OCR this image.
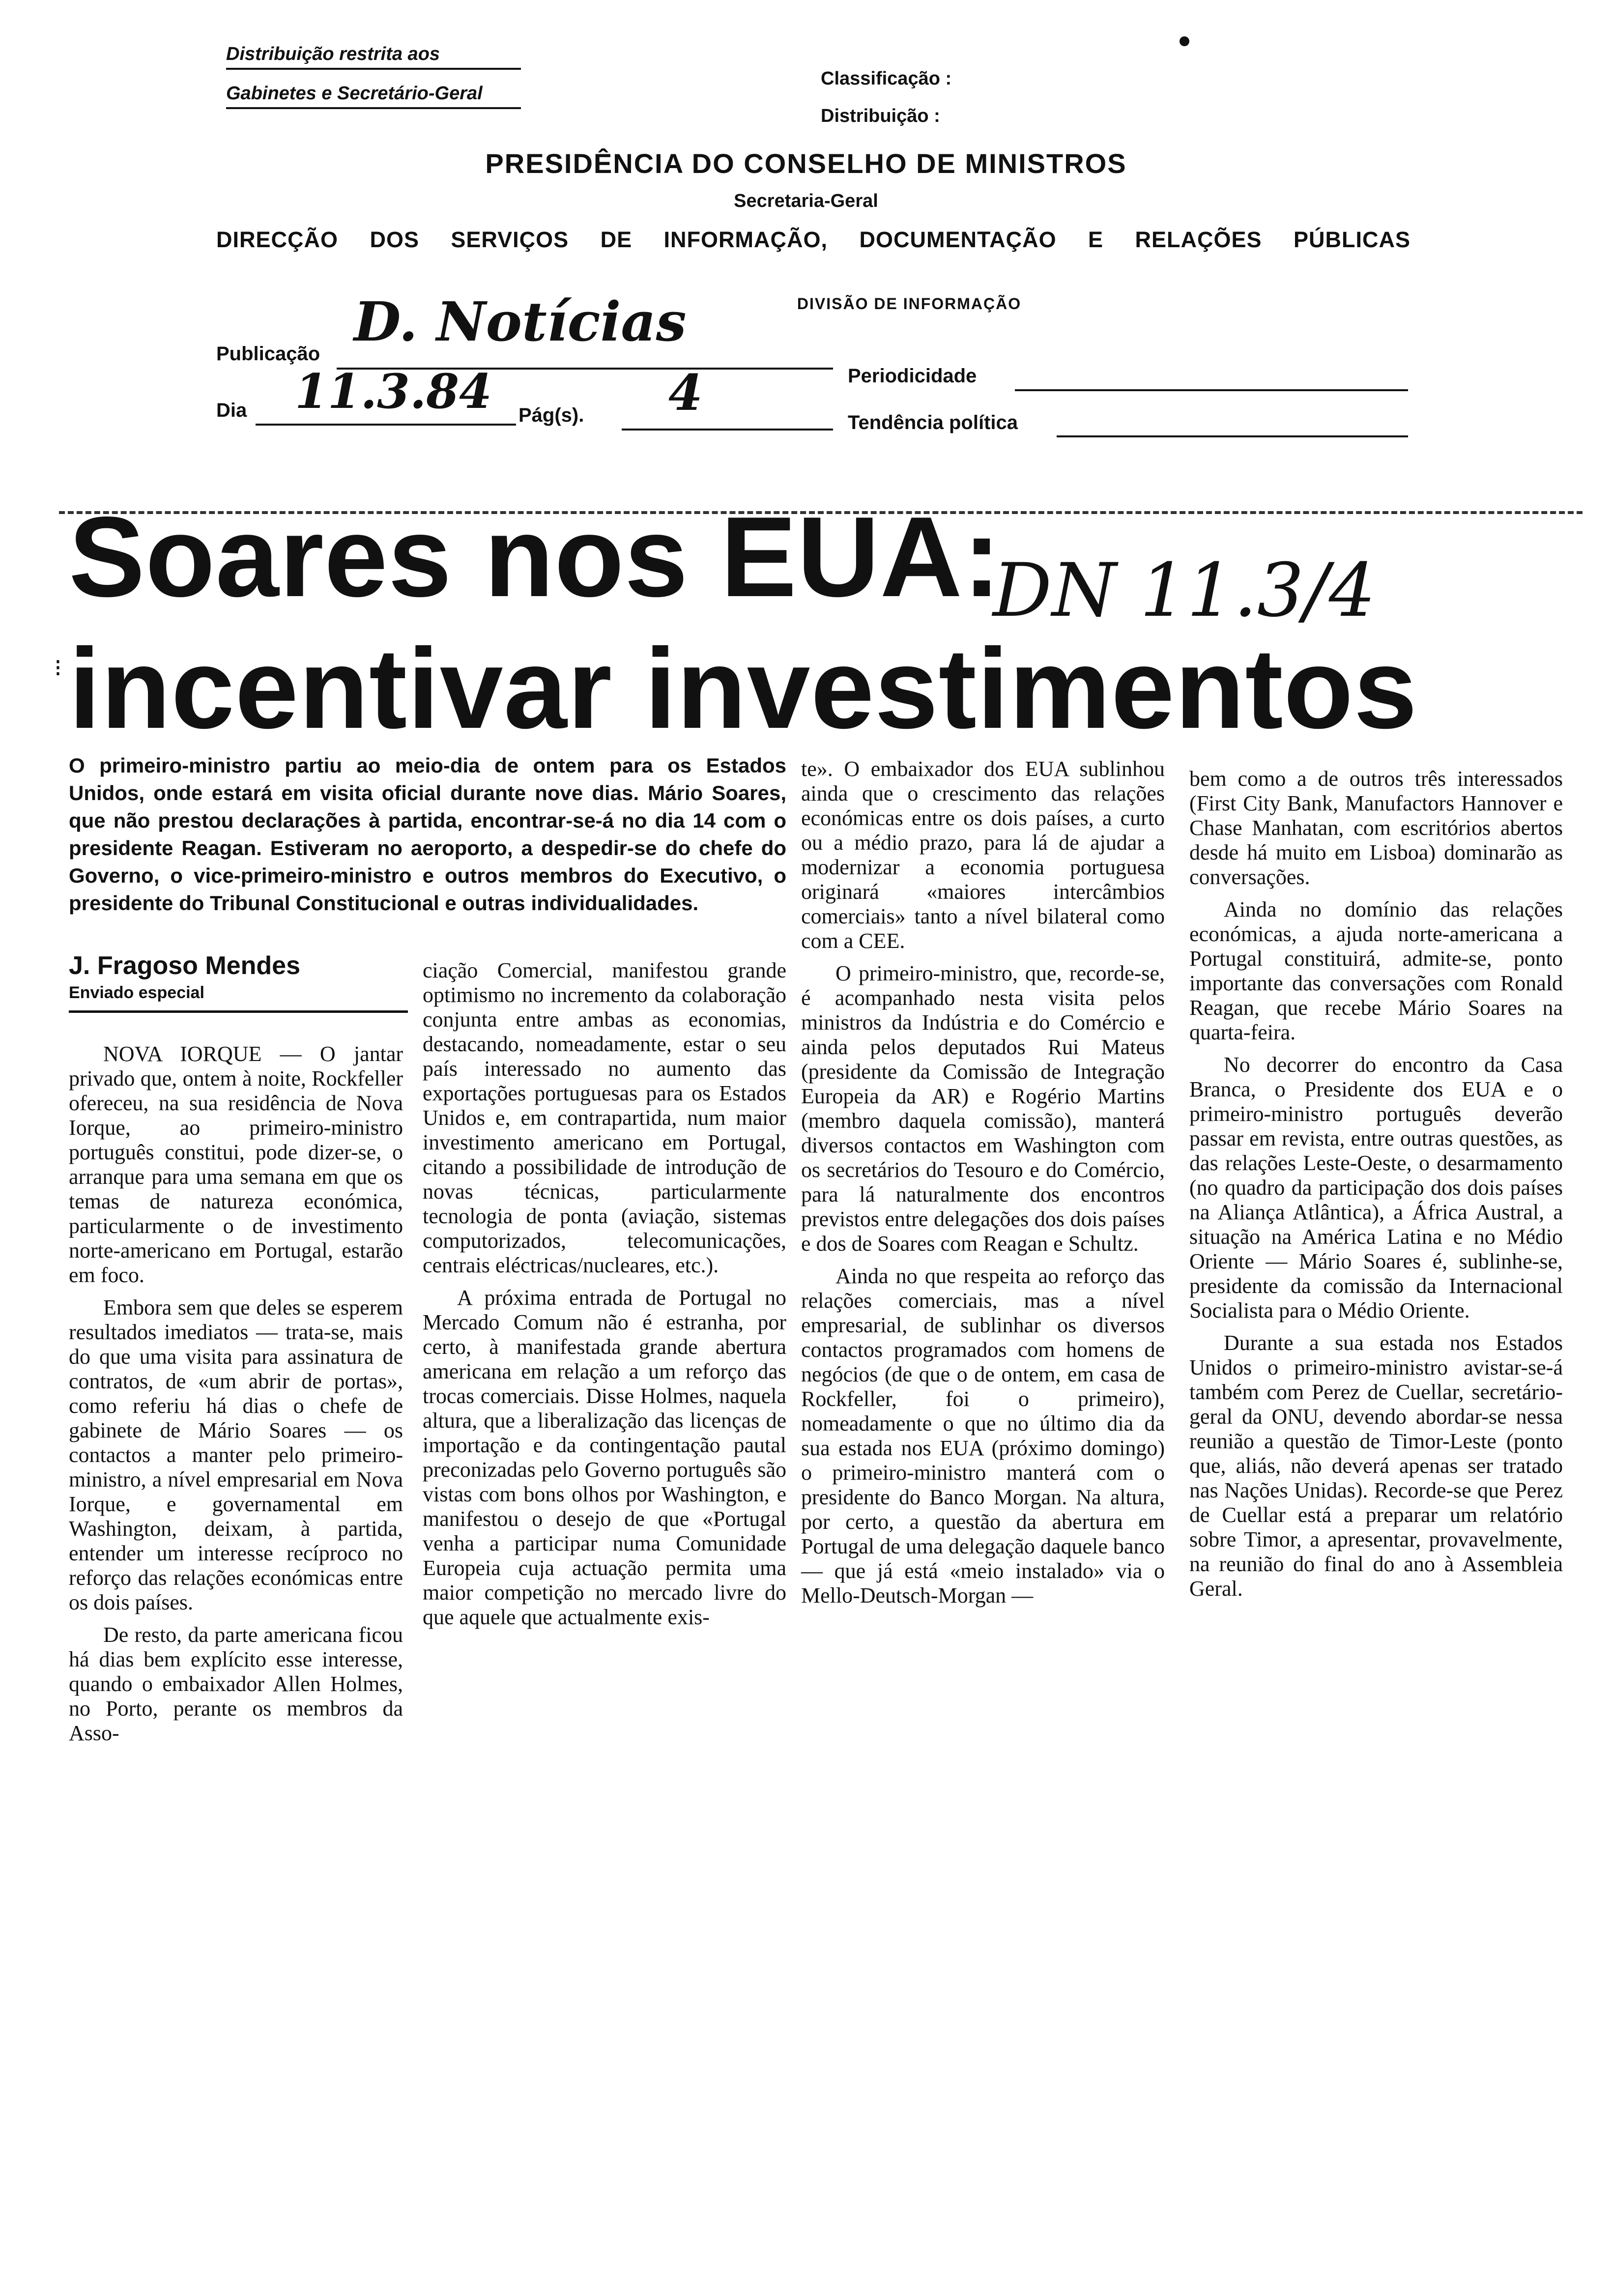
Distribuição restrita aos
Gabinetes e Secretário-Geral
Classificação :
Distribuição :
PRESIDÊNCIA DO CONSELHO DE MINISTROS
Secretaria-Geral
DIRECÇÃO DOS SERVIÇOS DE INFORMAÇÃO, DOCUMENTAÇÃO E RELAÇÕES PÚBLICAS
DIVISÃO DE INFORMAÇÃO
Publicação
D. Notícias
Periodicidade
Dia 11.3.84 Pág(s). 4
Tendência política
⁝
Soares nos EUA:
incentivar investimentos
DN 11.3/4
O primeiro-ministro partiu ao meio-dia de ontem para os Estados Unidos, onde estará em visita oficial durante nove dias. Mário Soares, que não prestou declarações à partida, encontrar-se-á no dia 14 com o presidente Reagan. Estiveram no aeroporto, a despedir-se do chefe do Governo, o vice-primeiro-ministro e outros membros do Executivo, o presidente do Tribunal Constitucional e outras individualidades.
J. Fragoso Mendes
Enviado especial

NOVA IORQUE — O jantar privado que, ontem à noite, Rockfeller ofereceu, na sua residência de Nova Iorque, ao primeiro-ministro português constitui, pode dizer-se, o arranque para uma semana em que os temas de natureza económica, particularmente o de investimento norte-americano em Portugal, estarão em foco.

Embora sem que deles se esperem resultados imediatos — trata-se, mais do que uma visita para assinatura de contratos, de «um abrir de portas», como referiu há dias o chefe de gabinete de Mário Soares — os contactos a manter pelo primeiro-ministro, a nível empresarial em Nova Iorque, e governamental em Washington, deixam, à partida, entender um interesse recíproco no reforço das relações económicas entre os dois países.

De resto, da parte americana ficou há dias bem explícito esse interesse, quando o embaixador Allen Holmes, no Porto, perante os membros da Asso-

ciação Comercial, manifestou grande optimismo no incremento da colaboração conjunta entre ambas as economias, destacando, nomeadamente, estar o seu país interessado no aumento das exportações portuguesas para os Estados Unidos e, em contrapartida, num maior investimento americano em Portugal, citando a possibilidade de introdução de novas técnicas, particularmente tecnologia de ponta (aviação, sistemas computorizados, telecomunicações, centrais eléctricas/nucleares, etc.).

A próxima entrada de Portugal no Mercado Comum não é estranha, por certo, à manifestada grande abertura americana em relação a um reforço das trocas comerciais. Disse Holmes, naquela altura, que a liberalização das licenças de importação e da contingentação pautal preconizadas pelo Governo português são vistas com bons olhos por Washington, e manifestou o desejo de que «Portugal venha a participar numa Comunidade Europeia cuja actuação permita uma maior competição no mercado livre do que aquele que actualmente exis-

te». O embaixador dos EUA sublinhou ainda que o crescimento das relações económicas entre os dois países, a curto ou a médio prazo, para lá de ajudar a modernizar a economia portuguesa originará «maiores intercâmbios comerciais» tanto a nível bilateral como com a CEE.

O primeiro-ministro, que, recorde-se, é acompanhado nesta visita pelos ministros da Indústria e do Comércio e ainda pelos deputados Rui Mateus (presidente da Comissão de Integração Europeia da AR) e Rogério Martins (membro daquela comissão), manterá diversos contactos em Washington com os secretários do Tesouro e do Comércio, para lá naturalmente dos encontros previstos entre delegações dos dois países e dos de Soares com Reagan e Schultz.

Ainda no que respeita ao reforço das relações comerciais, mas a nível empresarial, de sublinhar os diversos contactos programados com homens de negócios (de que o de ontem, em casa de Rockfeller, foi o primeiro), nomeadamente o que no último dia da sua estada nos EUA (próximo domingo) o primeiro-ministro manterá com o presidente do Banco Morgan. Na altura, por certo, a questão da abertura em Portugal de uma delegação daquele banco — que já está «meio instalado» via o Mello-Deutsch-Morgan —

bem como a de outros três interessados (First City Bank, Manufactors Hannover e Chase Manhatan, com escritórios abertos desde há muito em Lisboa) dominarão as conversações.

Ainda no domínio das relações económicas, a ajuda norte-americana a Portugal constituirá, admite-se, ponto importante das conversações com Ronald Reagan, que recebe Mário Soares na quarta-feira.

No decorrer do encontro da Casa Branca, o Presidente dos EUA e o primeiro-ministro português deverão passar em revista, entre outras questões, as das relações Leste-Oeste, o desarmamento (no quadro da participação dos dois países na Aliança Atlântica), a África Austral, a situação na América Latina e no Médio Oriente — Mário Soares é, sublinhe-se, presidente da comissão da Internacional Socialista para o Médio Oriente.

Durante a sua estada nos Estados Unidos o primeiro-ministro avistar-se-á também com Perez de Cuellar, secretário-geral da ONU, devendo abordar-se nessa reunião a questão de Timor-Leste (ponto que, aliás, não deverá apenas ser tratado nas Nações Unidas). Recorde-se que Perez de Cuellar está a preparar um relatório sobre Timor, a apresentar, provavelmente, na reunião do final do ano à Assembleia Geral.
